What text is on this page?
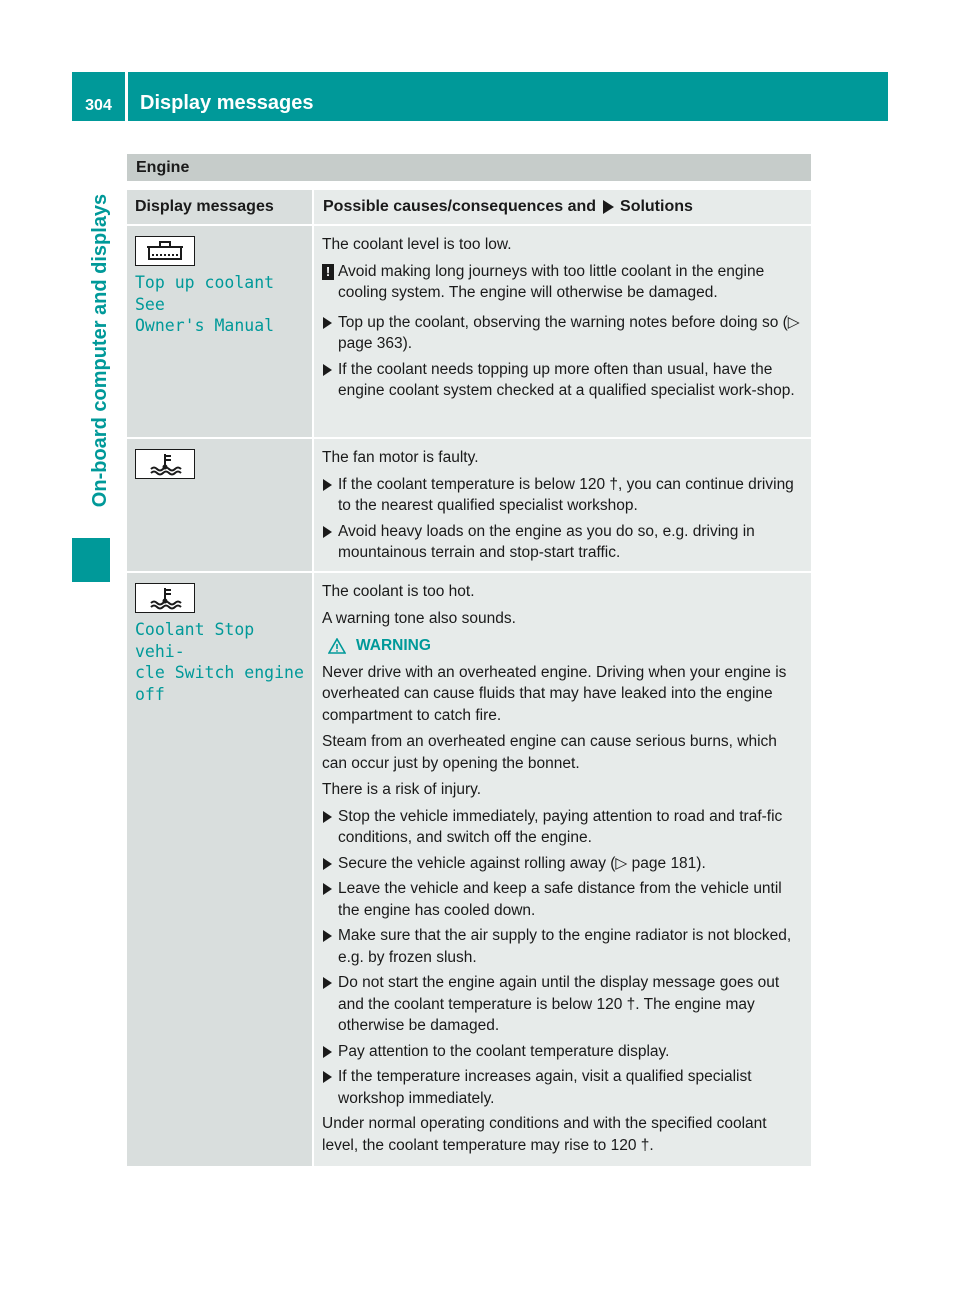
304	Display messages
On-board computer and displays
Engine
Display messages	Possible causes/consequences and Solutions
Top up coolant See
Owner's Manual

The coolant level is too low.

! Avoid making long journeys with too little coolant in the engine cooling system. The engine will otherwise be damaged.
Top up the coolant, observing the warning notes before doing so (▷ page 363).
If the coolant needs topping up more often than usual, have the engine coolant system checked at a qualified specialist work-shop.

The fan motor is faulty.

If the coolant temperature is below 120 †, you can continue driving to the nearest qualified specialist workshop.
Avoid heavy loads on the engine as you do so, e.g. driving in mountainous terrain and stop-start traffic.
Coolant Stop vehi‐
cle Switch engine
off

The coolant is too hot.

A warning tone also sounds.

WARNING

Never drive with an overheated engine. Driving when your engine is overheated can cause fluids that may have leaked into the engine compartment to catch fire.

Steam from an overheated engine can cause serious burns, which can occur just by opening the bonnet.

There is a risk of injury.

Stop the vehicle immediately, paying attention to road and traf-fic conditions, and switch off the engine.
Secure the vehicle against rolling away (▷ page 181).
Leave the vehicle and keep a safe distance from the vehicle until the engine has cooled down.
Make sure that the air supply to the engine radiator is not blocked, e.g. by frozen slush.
Do not start the engine again until the display message goes out and the coolant temperature is below 120 †. The engine may otherwise be damaged.
Pay attention to the coolant temperature display.
If the temperature increases again, visit a qualified specialist workshop immediately.

Under normal operating conditions and with the specified coolant level, the coolant temperature may rise to 120 †.
